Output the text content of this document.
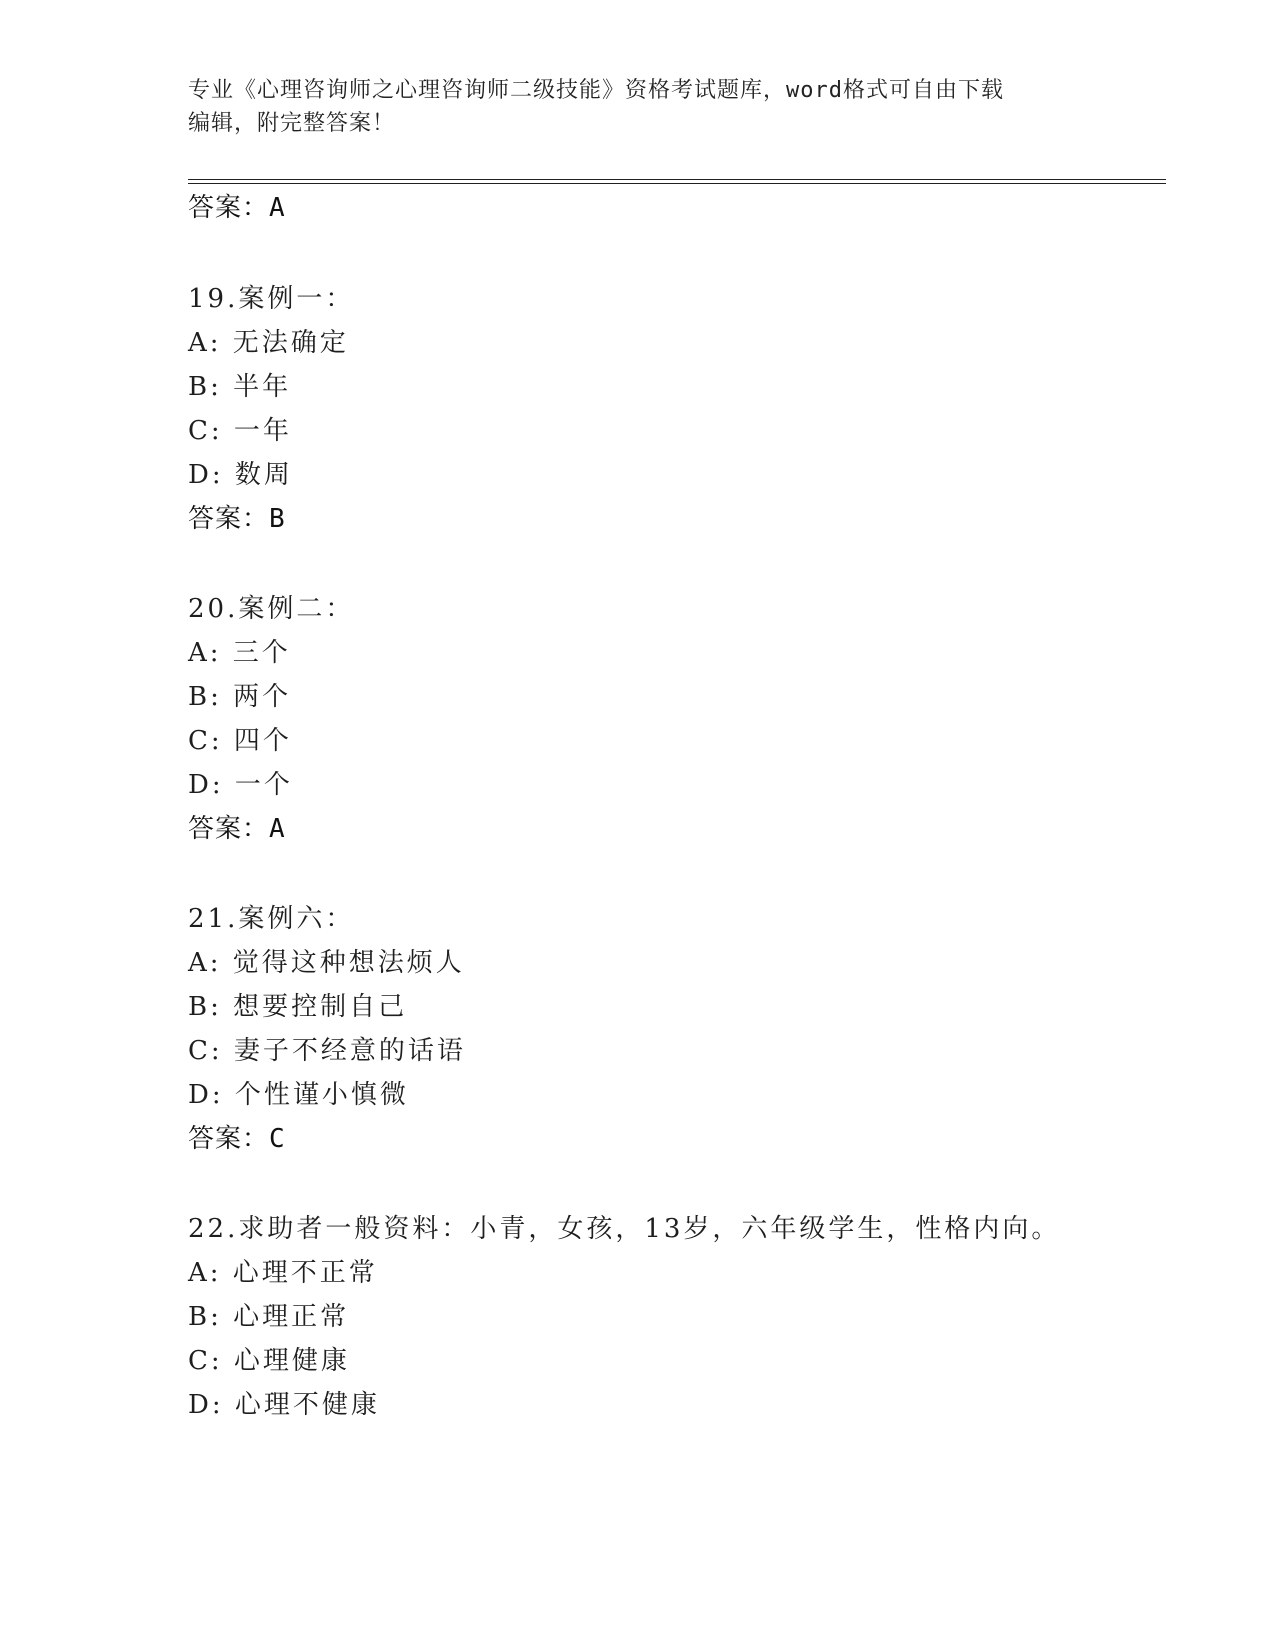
专业《心理咨询师之心理咨询师二级技能》资格考试题库，word格式可自由下载
编辑，附完整答案！
答案：A
19.案例一：
A: 无法确定
B: 半年
C: 一年
D: 数周
答案：B
20.案例二：
A: 三个
B: 两个
C: 四个
D: 一个
答案：A
21.案例六：
A: 觉得这种想法烦人
B: 想要控制自己
C: 妻子不经意的话语
D: 个性谨小慎微
答案：C
22.求助者一般资料：小青，女孩，13岁，六年级学生，性格内向。
A: 心理不正常
B: 心理正常
C: 心理健康
D: 心理不健康
